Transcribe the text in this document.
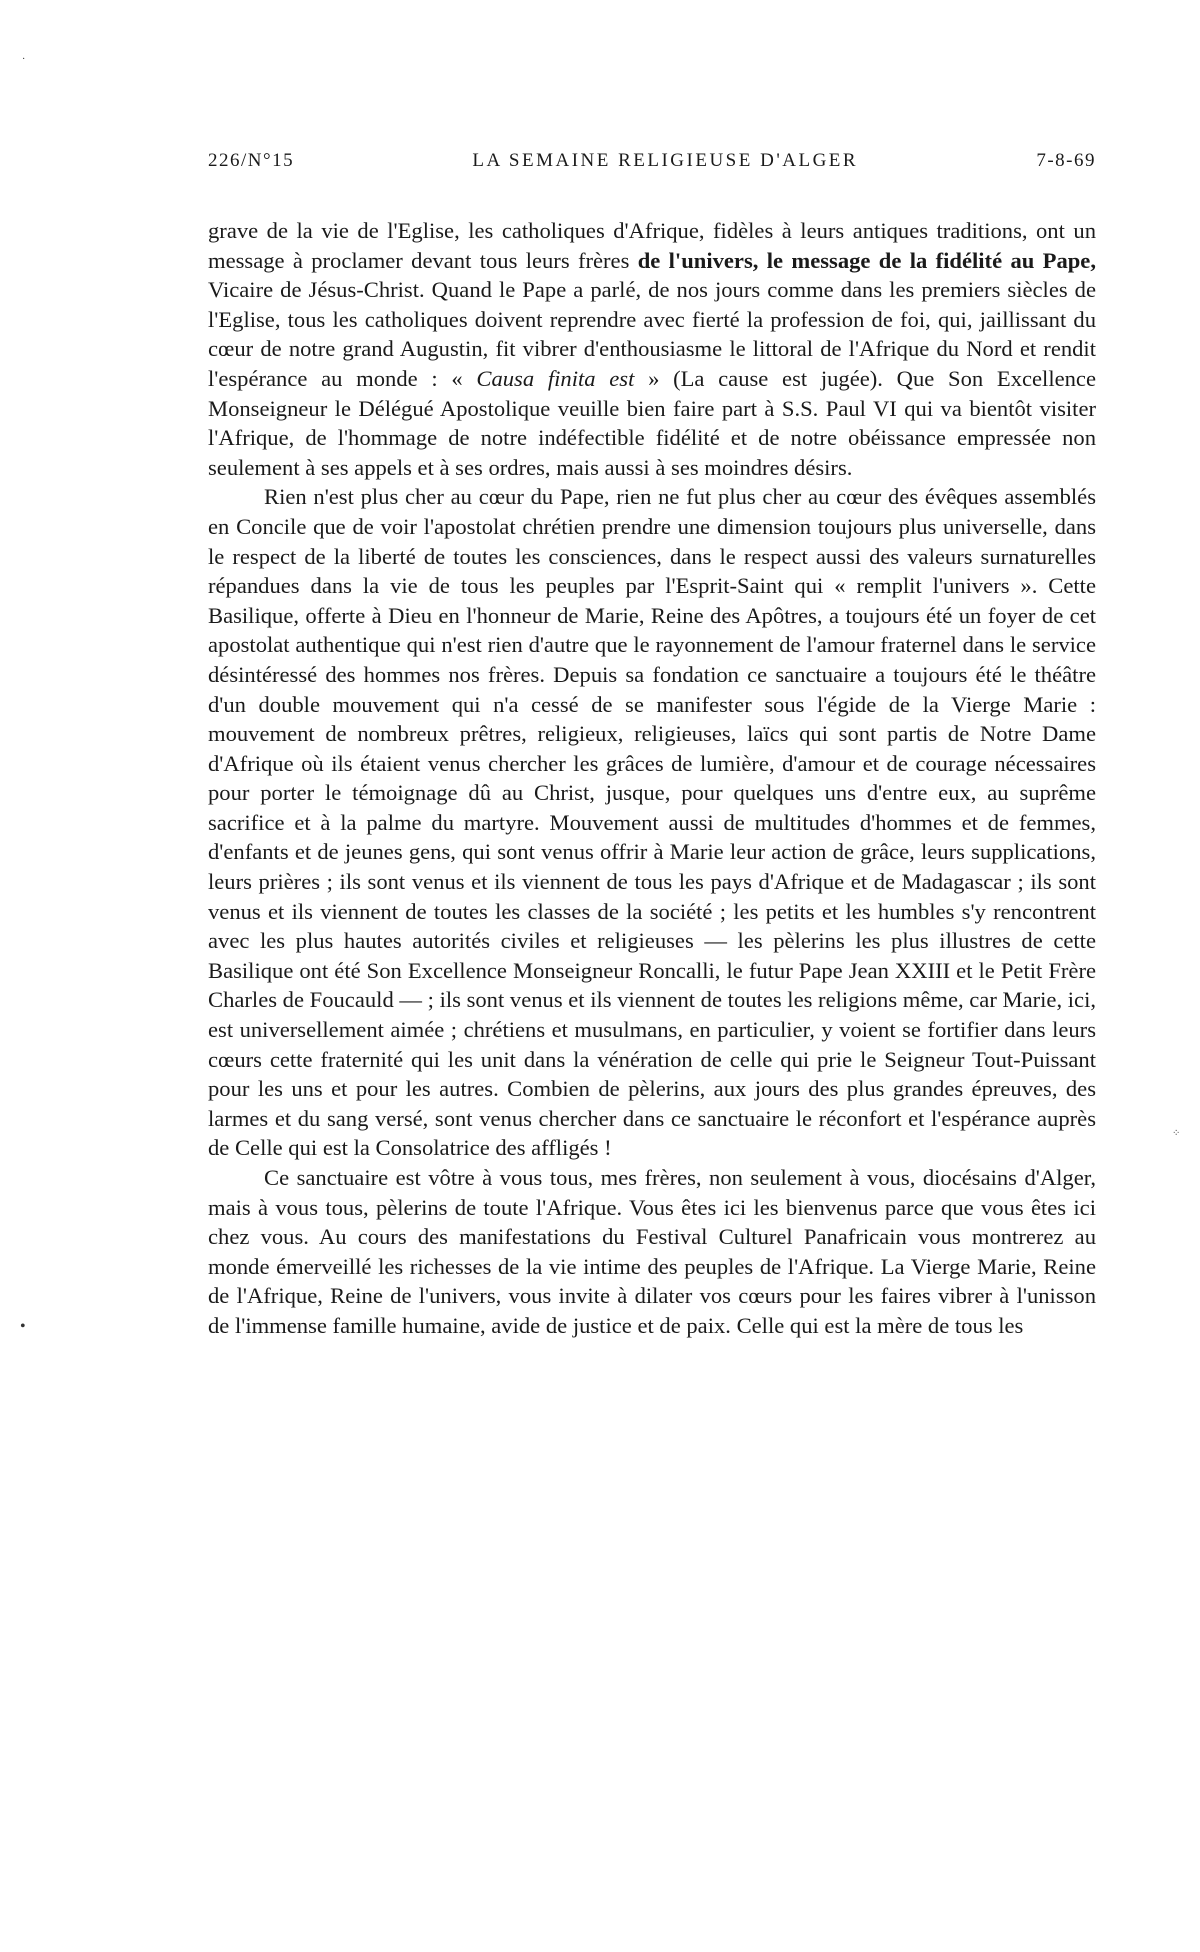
·
•
⁘
226/N°15	LA SEMAINE RELIGIEUSE D'ALGER	7-8-69

grave de la vie de l'Eglise, les catholiques d'Afrique, fidèles à leurs antiques traditions, ont un message à proclamer devant tous leurs frères de l'univers, le message de la fidélité au Pape, Vicaire de Jésus-Christ. Quand le Pape a parlé, de nos jours comme dans les premiers siècles de l'Eglise, tous les catholiques doivent reprendre avec fierté la profession de foi, qui, jaillissant du cœur de notre grand Augustin, fit vibrer d'enthousiasme le littoral de l'Afrique du Nord et rendit l'espérance au monde : « Causa finita est » (La cause est jugée). Que Son Excellence Monseigneur le Délégué Apostolique veuille bien faire part à S.S. Paul VI qui va bientôt visiter l'Afrique, de l'hommage de notre indéfectible fidélité et de notre obéissance empressée non seulement à ses appels et à ses ordres, mais aussi à ses moindres désirs.

Rien n'est plus cher au cœur du Pape, rien ne fut plus cher au cœur des évêques assemblés en Concile que de voir l'apostolat chrétien prendre une dimension toujours plus universelle, dans le respect de la liberté de toutes les consciences, dans le respect aussi des valeurs surnaturelles répandues dans la vie de tous les peuples par l'Esprit-Saint qui « remplit l'univers ». Cette Basilique, offerte à Dieu en l'honneur de Marie, Reine des Apôtres, a toujours été un foyer de cet apostolat authentique qui n'est rien d'autre que le rayonnement de l'amour fraternel dans le service désintéressé des hommes nos frères. Depuis sa fondation ce sanctuaire a toujours été le théâtre d'un double mouvement qui n'a cessé de se manifester sous l'égide de la Vierge Marie : mouvement de nombreux prêtres, religieux, religieuses, laïcs qui sont partis de Notre Dame d'Afrique où ils étaient venus chercher les grâces de lumière, d'amour et de courage nécessaires pour porter le témoignage dû au Christ, jusque, pour quelques uns d'entre eux, au suprême sacrifice et à la palme du martyre. Mouvement aussi de multitudes d'hommes et de femmes, d'enfants et de jeunes gens, qui sont venus offrir à Marie leur action de grâce, leurs supplications, leurs prières ; ils sont venus et ils viennent de tous les pays d'Afrique et de Madagascar ; ils sont venus et ils viennent de toutes les classes de la société ; les petits et les humbles s'y rencontrent avec les plus hautes autorités civiles et religieuses — les pèlerins les plus illustres de cette Basilique ont été Son Excellence Monseigneur Roncalli, le futur Pape Jean XXIII et le Petit Frère Charles de Foucauld — ; ils sont venus et ils viennent de toutes les religions même, car Marie, ici, est universellement aimée ; chrétiens et musulmans, en particulier, y voient se fortifier dans leurs cœurs cette fraternité qui les unit dans la vénération de celle qui prie le Seigneur Tout-Puissant pour les uns et pour les autres. Combien de pèlerins, aux jours des plus grandes épreuves, des larmes et du sang versé, sont venus chercher dans ce sanctuaire le réconfort et l'espérance auprès de Celle qui est la Consolatrice des affligés !

Ce sanctuaire est vôtre à vous tous, mes frères, non seulement à vous, diocésains d'Alger, mais à vous tous, pèlerins de toute l'Afrique. Vous êtes ici les bienvenus parce que vous êtes ici chez vous. Au cours des manifestations du Festival Culturel Panafricain vous montrerez au monde émerveillé les richesses de la vie intime des peuples de l'Afrique. La Vierge Marie, Reine de l'Afrique, Reine de l'univers, vous invite à dilater vos cœurs pour les faires vibrer à l'unisson de l'immense famille humaine, avide de justice et de paix. Celle qui est la mère de tous les
